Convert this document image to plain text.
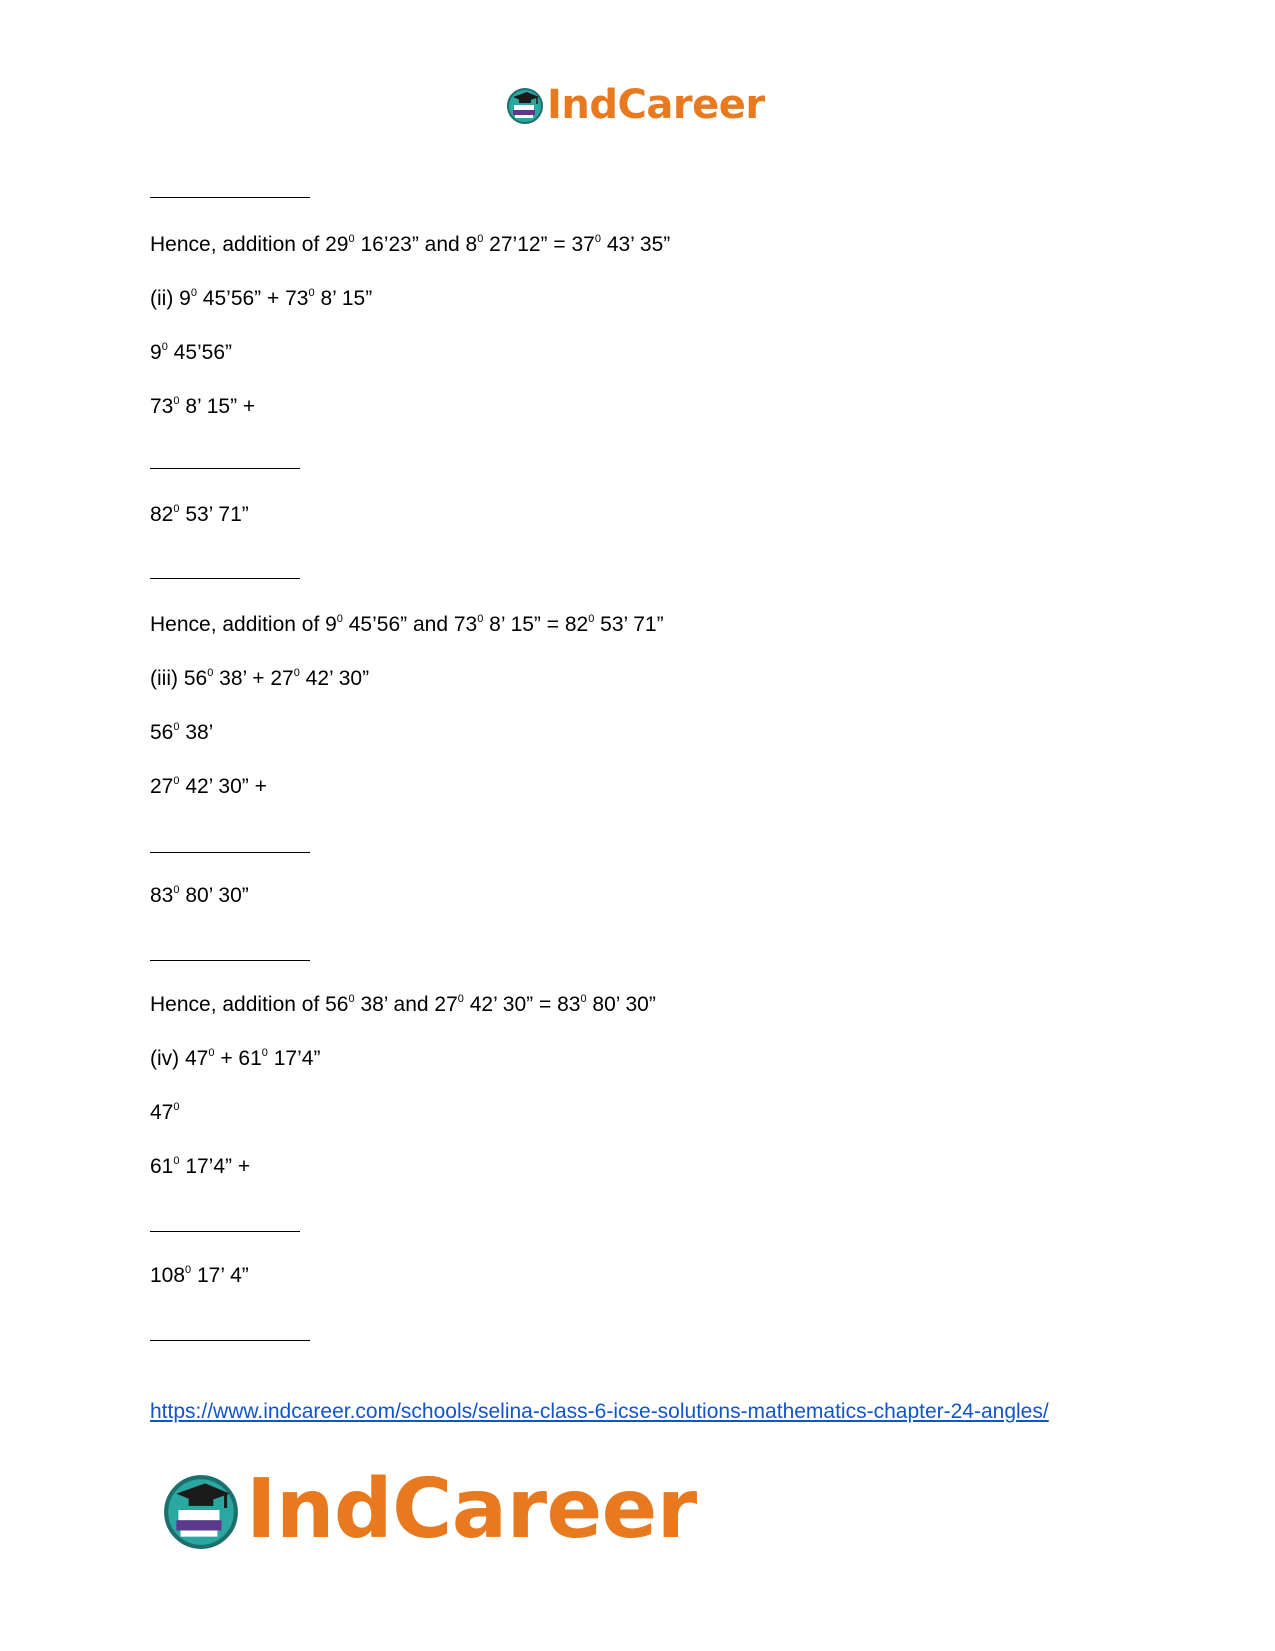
IndCareer
Hence, addition of $29^0$ 16’23” and $8^0$ 27’12” = $37^0$ 43’ 35”
(ii) $9^0$ 45’56” + $73^0$ 8’ 15”
$9^0$ 45’56”
$73^0$ 8’ 15” +
$82^0$ 53’ 71”
Hence, addition of $9^0$ 45’56” and $73^0$ 8’ 15” = $82^0$ 53’ 71”
(iii) $56^0$ 38’ + $27^0$ 42’ 30”
$56^0$ 38’
$27^0$ 42’ 30” +
$83^0$ 80’ 30”
Hence, addition of $56^0$ 38’ and $27^0$ 42’ 30” = $83^0$ 80’ 30”
(iv) $47^0 + 61^0$ 17’4”
$47^0$
$61^0$ 17’4” +
$108^0$ 17’ 4”
https://www.indcareer.com/schools/selina-class-6-icse-solutions-mathematics-chapter-24-angles/
IndCareer
